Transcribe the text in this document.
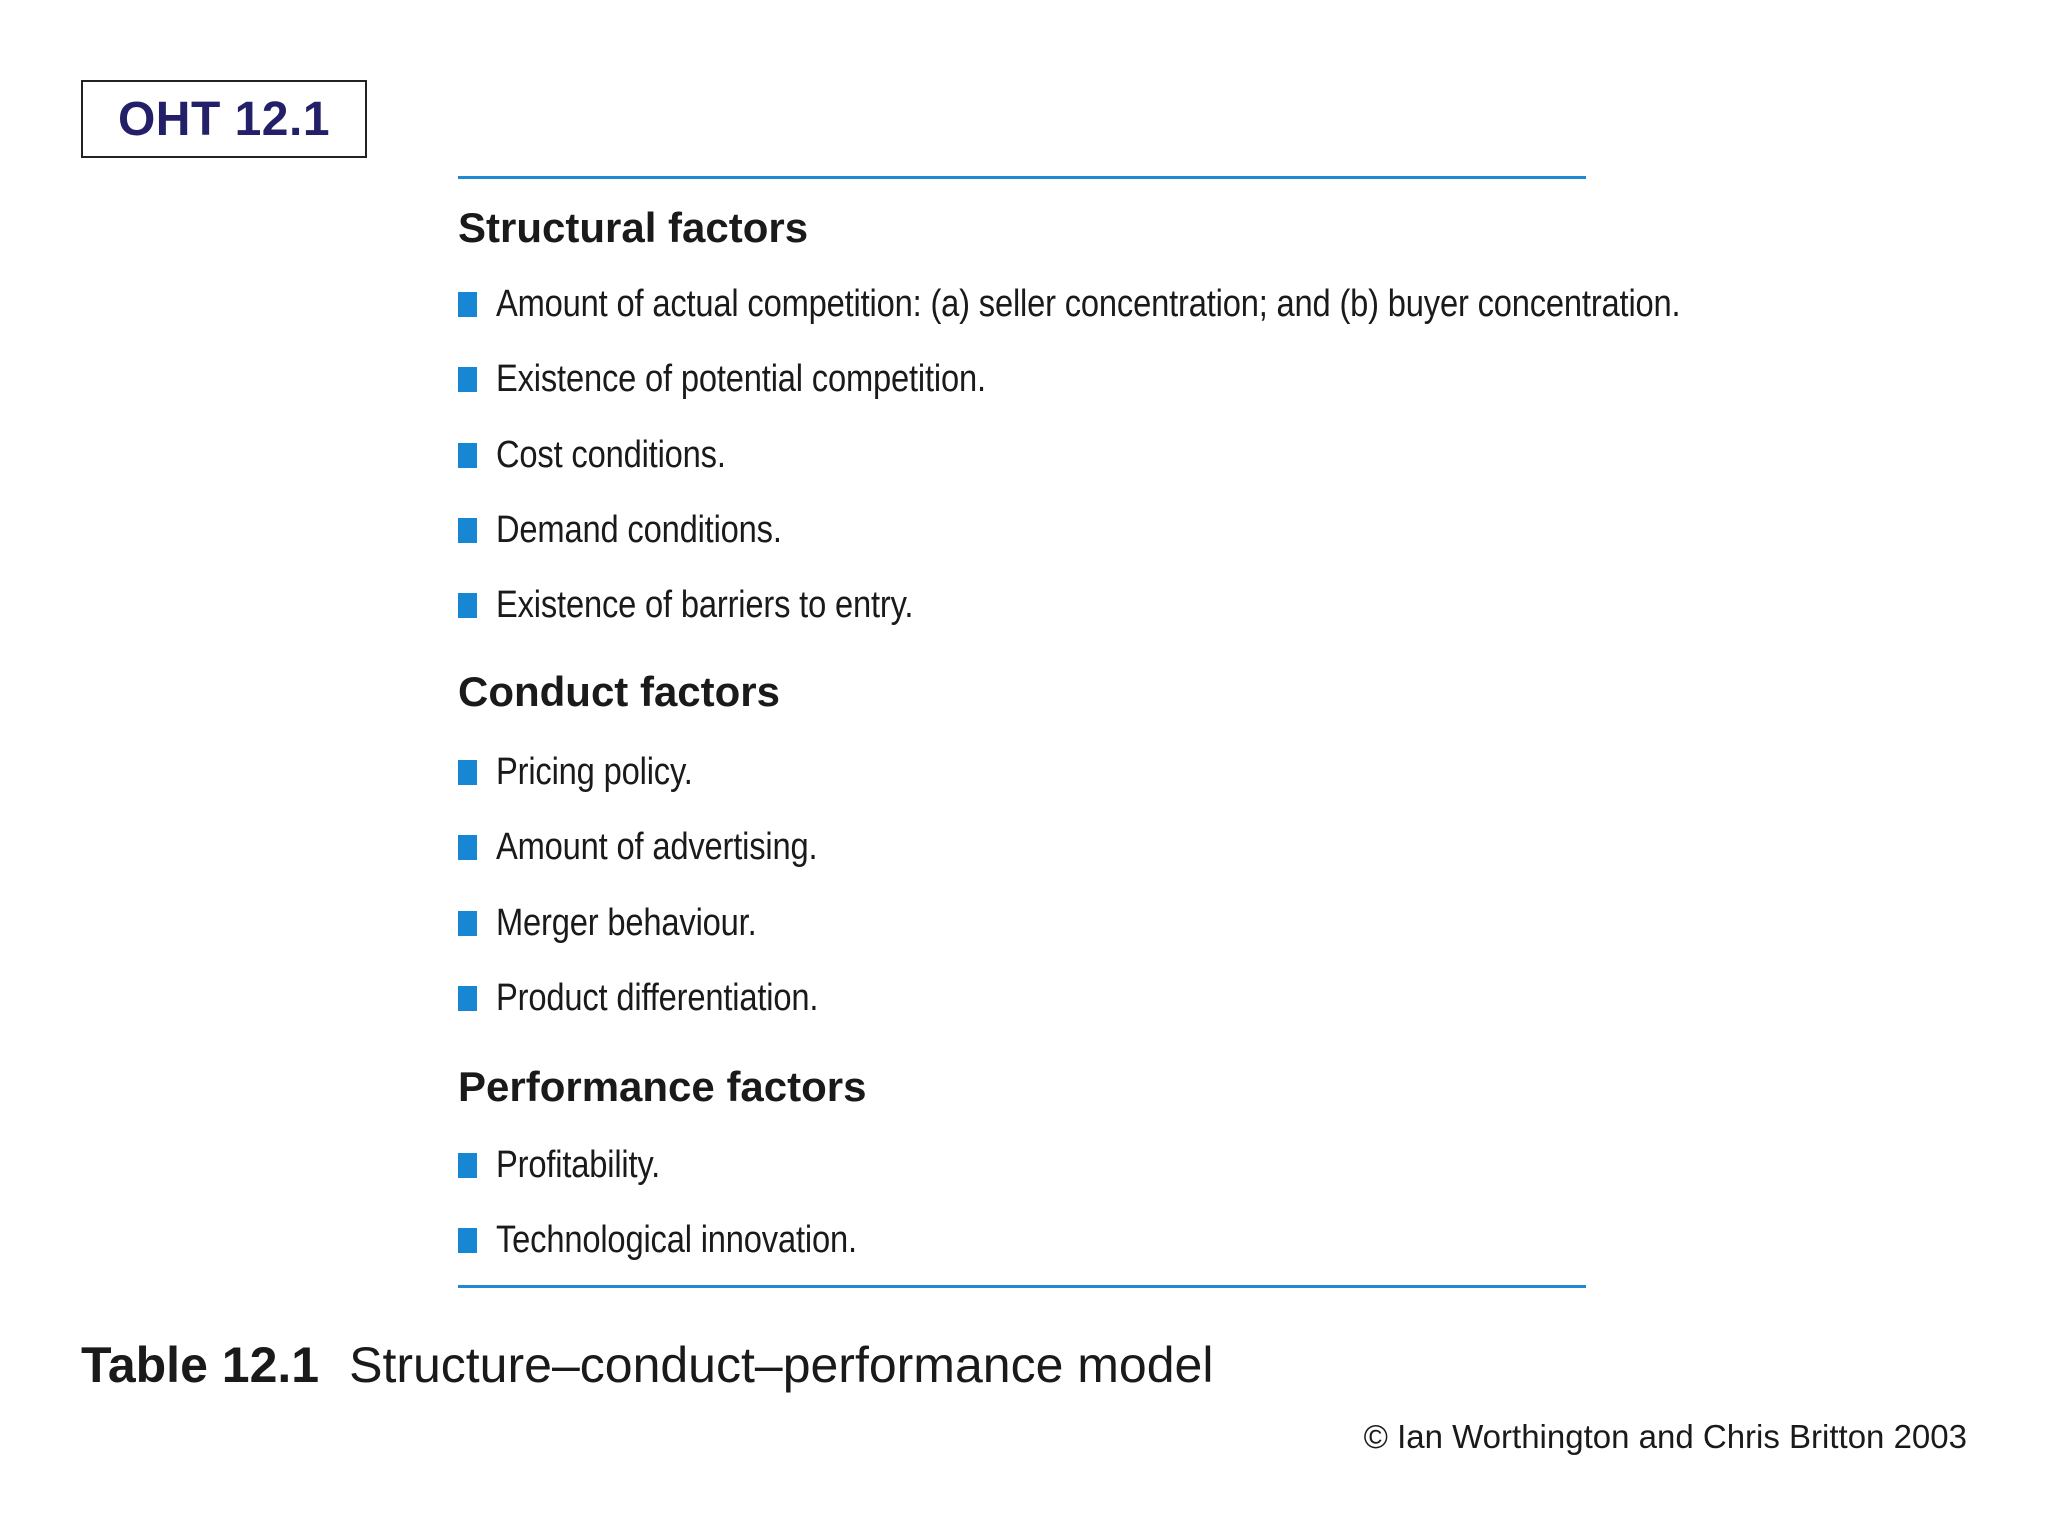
OHT 12.1
Structural factors
Amount of actual competition: (a) seller concentration; and (b) buyer concentration.
Existence of potential competition.
Cost conditions.
Demand conditions.
Existence of barriers to entry.
Conduct factors
Pricing policy.
Amount of advertising.
Merger behaviour.
Product differentiation.
Performance factors
Profitability.
Technological innovation.
Table 12.1 Structure–conduct–performance model
© Ian Worthington and Chris Britton 2003
